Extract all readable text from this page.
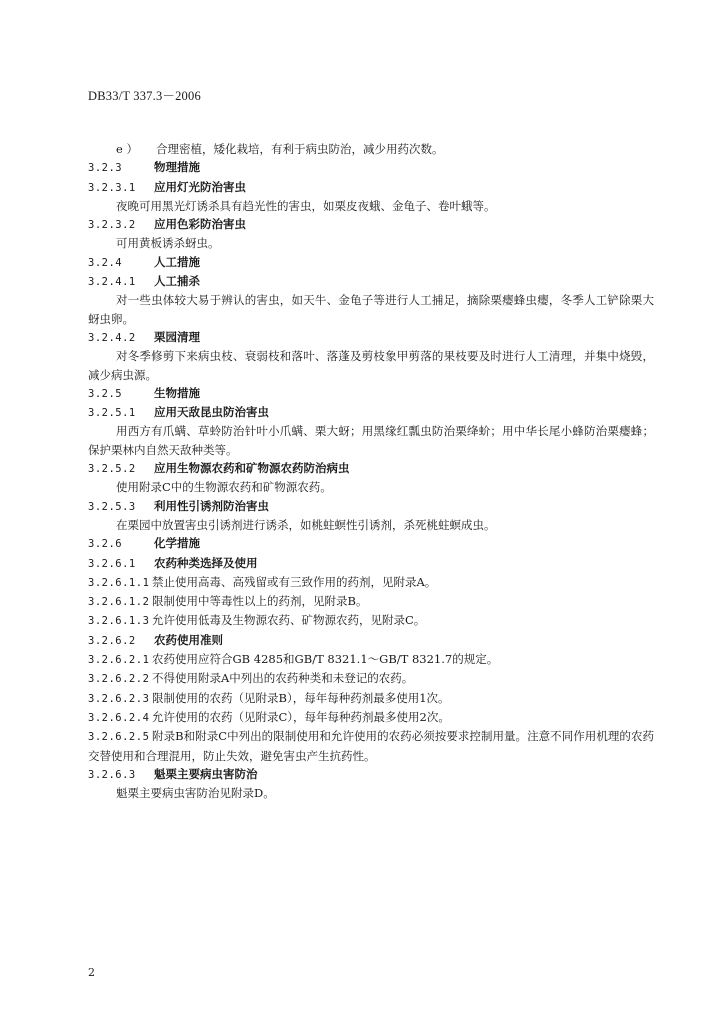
DB33/T 337.3－2006
e ） 合理密植，矮化栽培，有利于病虫防治，减少用药次数。
3.2.3	物理措施
3.2.3.1 应用灯光防治害虫
夜晚可用黑光灯诱杀具有趋光性的害虫，如栗皮夜蛾、金龟子、卷叶蛾等。
3.2.3.2 应用色彩防治害虫
可用黄板诱杀蚜虫。
3.2.4	人工措施
3.2.4.1 人工捕杀
对一些虫体较大易于辨认的害虫，如天牛、金龟子等进行人工捕足，摘除栗瘿蜂虫瘿，冬季人工铲除栗大蚜虫卵。
3.2.4.2 栗园清理
对冬季修剪下来病虫枝、衰弱枝和落叶、落蓬及剪枝象甲剪落的果枝要及时进行人工清理，并集中烧毁，减少病虫源。
3.2.5	生物措施
3.2.5.1 应用天敌昆虫防治害虫
用西方有爪螨、草蛉防治针叶小爪螨、栗大蚜；用黑缘红瓢虫防治栗绛蚧；用中华长尾小蜂防治栗瘿蜂；保护栗林内自然天敌种类等。
3.2.5.2 应用生物源农药和矿物源农药防治病虫
使用附录C中的生物源农药和矿物源农药。
3.2.5.3 利用性引诱剂防治害虫
在栗园中放置害虫引诱剂进行诱杀，如桃蛀螟性引诱剂，杀死桃蛀螟成虫。
3.2.6	化学措施
3.2.6.1 农药种类选择及使用
3.2.6.1.1 禁止使用高毒、高残留或有三致作用的药剂，见附录A。
3.2.6.1.2 限制使用中等毒性以上的药剂，见附录B。
3.2.6.1.3 允许使用低毒及生物源农药、矿物源农药，见附录C。
3.2.6.2 农药使用准则
3.2.6.2.1 农药使用应符合GB 4285和GB/T 8321.1～GB/T 8321.7的规定。
3.2.6.2.2 不得使用附录A中列出的农药种类和未登记的农药。
3.2.6.2.3 限制使用的农药（见附录B），每年每种药剂最多使用1次。
3.2.6.2.4 允许使用的农药（见附录C），每年每种药剂最多使用2次。
3.2.6.2.5 附录B和附录C中列出的限制使用和允许使用的农药必须按要求控制用量。注意不同作用机理的农药交替使用和合理混用，防止失效，避免害虫产生抗药性。
3.2.6.3 魁栗主要病虫害防治
魁栗主要病虫害防治见附录D。
2
